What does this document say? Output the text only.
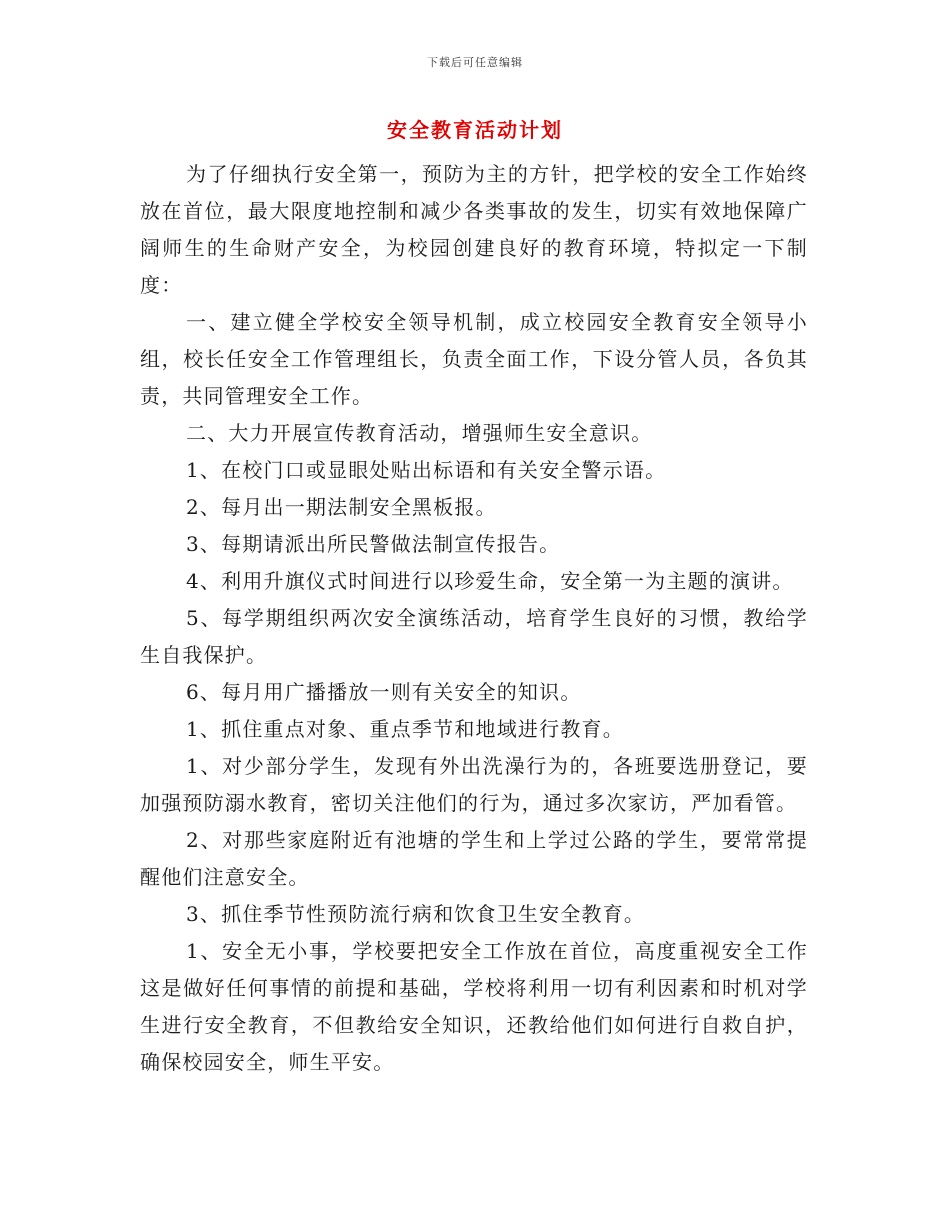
下载后可任意编辑
安全教育活动计划

为了仔细执行安全第一，预防为主的方针，把学校的安全工作始终放在首位，最大限度地控制和减少各类事故的发生，切实有效地保障广阔师生的生命财产安全，为校园创建良好的教育环境，特拟定一下制度：

一、建立健全学校安全领导机制，成立校园安全教育安全领导小组，校长任安全工作管理组长，负责全面工作，下设分管人员，各负其责，共同管理安全工作。

二、大力开展宣传教育活动，增强师生安全意识。

1、在校门口或显眼处贴出标语和有关安全警示语。

2、每月出一期法制安全黑板报。

3、每期请派出所民警做法制宣传报告。

4、利用升旗仪式时间进行以珍爱生命，安全第一为主题的演讲。

5、每学期组织两次安全演练活动，培育学生良好的习惯，教给学生自我保护。

6、每月用广播播放一则有关安全的知识。

1、抓住重点对象、重点季节和地域进行教育。

1、对少部分学生，发现有外出洗澡行为的，各班要选册登记，要加强预防溺水教育，密切关注他们的行为，通过多次家访，严加看管。

2、对那些家庭附近有池塘的学生和上学过公路的学生，要常常提醒他们注意安全。

3、抓住季节性预防流行病和饮食卫生安全教育。

1、安全无小事，学校要把安全工作放在首位，高度重视安全工作这是做好任何事情的前提和基础，学校将利用一切有利因素和时机对学生进行安全教育，不但教给安全知识，还教给他们如何进行自救自护，确保校园安全，师生平安。
